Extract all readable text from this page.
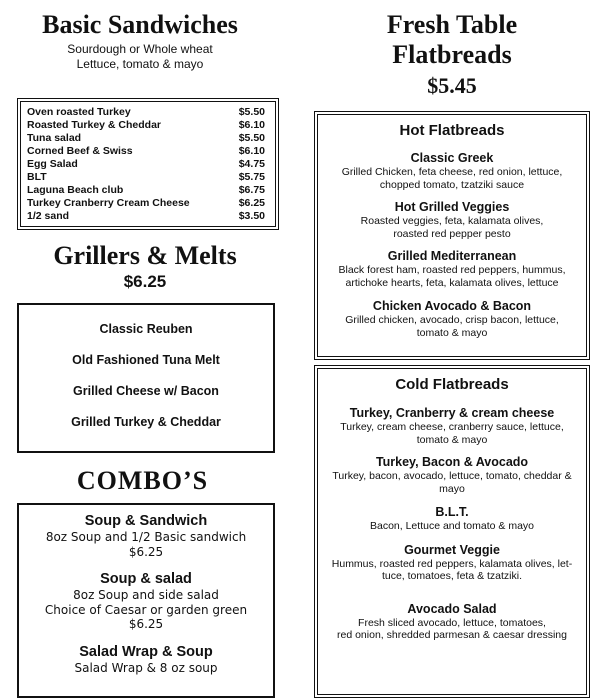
Basic Sandwiches
Sourdough or Whole wheat
Lettuce, tomato & mayo
Oven roasted Turkey	$5.50
Roasted Turkey & Cheddar	$6.10
Tuna salad	$5.50
Corned Beef & Swiss	$6.10
Egg Salad	$4.75
BLT	$5.75
Laguna Beach club	$6.75
Turkey Cranberry Cream Cheese	$6.25
1/2 sand	$3.50
Grillers & Melts
$6.25
Classic Reuben
Old Fashioned Tuna Melt
Grilled Cheese w/ Bacon
Grilled Turkey & Cheddar
COMBO’S
Soup & Sandwich
8oz Soup and 1/2 Basic sandwich
$6.25
Soup & salad
8oz Soup and side salad
Choice of Caesar or garden green
$6.25
Salad Wrap & Soup
Salad Wrap & 8 oz soup
Fresh Table
Flatbreads
$5.45
Hot Flatbreads
Classic Greek
Grilled Chicken, feta cheese, red onion, lettuce,
chopped tomato, tzatziki sauce
Hot Grilled Veggies
Roasted veggies, feta, kalamata olives,
roasted red pepper pesto
Grilled Mediterranean
Black forest ham, roasted red peppers, hummus,
artichoke hearts, feta, kalamata olives, lettuce
Chicken Avocado & Bacon
Grilled chicken, avocado, crisp bacon, lettuce,
tomato & mayo
Cold Flatbreads
Turkey, Cranberry & cream cheese
Turkey, cream cheese, cranberry sauce, lettuce,
tomato & mayo
Turkey, Bacon & Avocado
Turkey, bacon, avocado, lettuce, tomato, cheddar &
mayo
B.L.T.
Bacon, Lettuce and tomato & mayo
Gourmet Veggie
Hummus, roasted red peppers, kalamata olives, let-
tuce, tomatoes, feta & tzatziki.
Avocado Salad
Fresh sliced avocado, lettuce, tomatoes,
red onion, shredded parmesan & caesar dressing
